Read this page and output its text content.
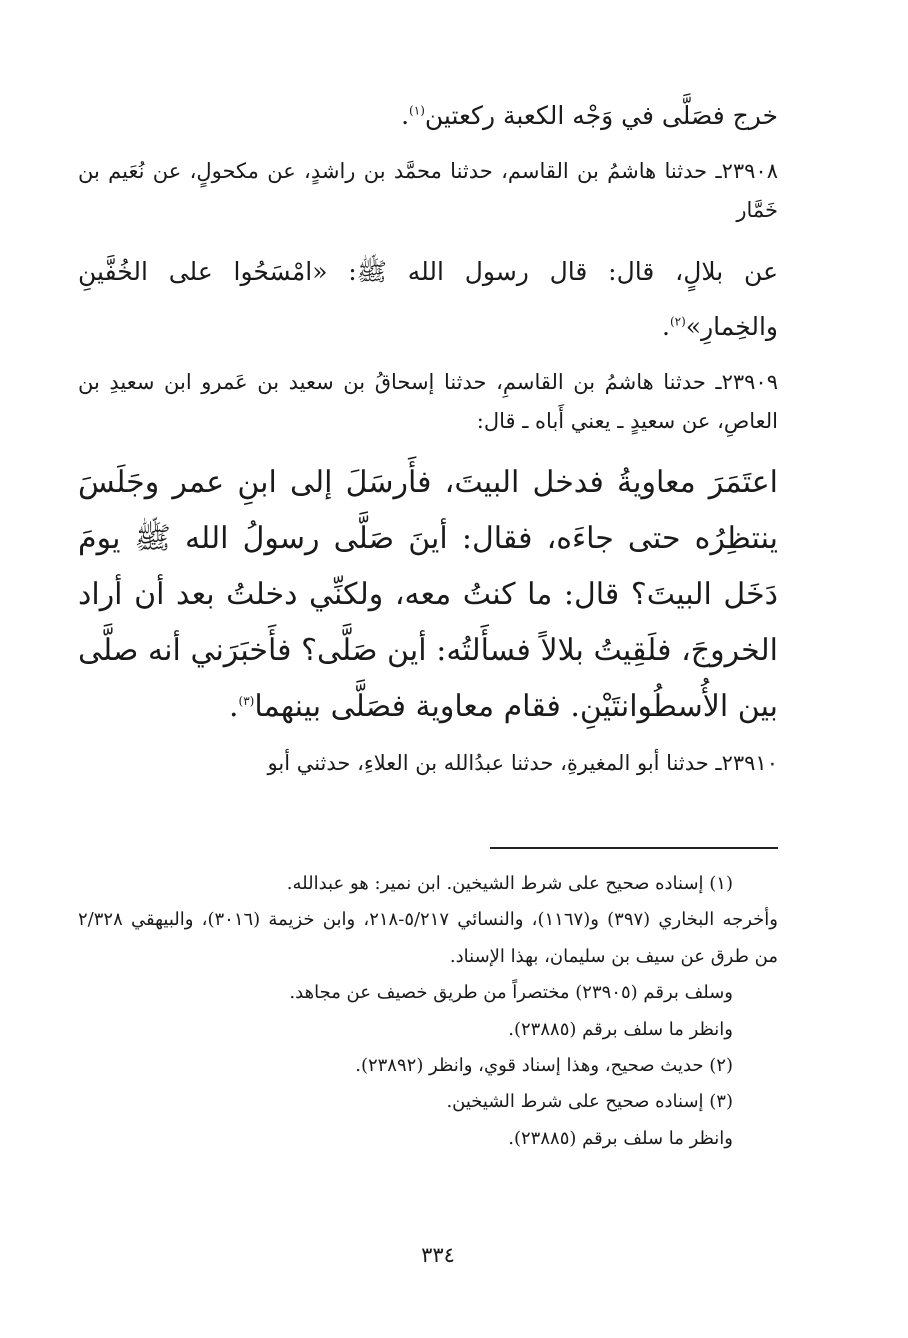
خرج فصَلَّى في وَجْه الكعبة ركعتين$^{(١)}$.

٢٣٩٠٨ـ حدثنا هاشمُ بن القاسم، حدثنا محمَّد بن راشدٍ، عن مكحولٍ، عن نُعَيم بن خَمَّار

عن بلالٍ، قال: قال رسول الله ﷺ: «امْسَحُوا على الخُفَّينِ والخِمارِ»$^{(٢)}$.

٢٣٩٠٩ـ حدثنا هاشمُ بن القاسمِ، حدثنا إسحاقُ بن سعيد بن عَمرو ابن سعيدِ بن العاصِ، عن سعيدٍ ـ يعني أَباه ـ قال:

اعتَمَرَ معاويةُ فدخل البيتَ، فأَرسَلَ إلى ابنِ عمر وجَلَسَ ينتظِرُه حتى جاءَه، فقال: أينَ صَلَّى رسولُ الله ﷺ يومَ دَخَل البيتَ؟ قال: ما كنتُ معه، ولكنِّي دخلتُ بعد أن أراد الخروجَ، فلَقِيتُ بلالاً فسأَلتُه: أين صَلَّى؟ فأَخبَرَني أنه صلَّى بين الأُسطُوانتَيْنِ. فقام معاوية فصَلَّى بينهما$^{(٣)}$.

٢٣٩١٠ـ حدثنا أبو المغيرةِ، حدثنا عبدُالله بن العلاءِ، حدثني أبو

(١) إسناده صحيح على شرط الشيخين. ابن نمير: هو عبدالله.

وأخرجه البخاري (٣٩٧) و(١١٦٧)، والنسائي ٥/٢١٧-٢١٨، وابن خزيمة (٣٠١٦)، والبيهقي ٢/٣٢٨ من طرق عن سيف بن سليمان، بهذا الإسناد.

وسلف برقم (٢٣٩٠٥) مختصراً من طريق خصيف عن مجاهد.

وانظر ما سلف برقم (٢٣٨٨٥).

(٢) حديث صحيح، وهذا إسناد قوي، وانظر (٢٣٨٩٢).

(٣) إسناده صحيح على شرط الشيخين.

وانظر ما سلف برقم (٢٣٨٨٥).

٣٣٤
